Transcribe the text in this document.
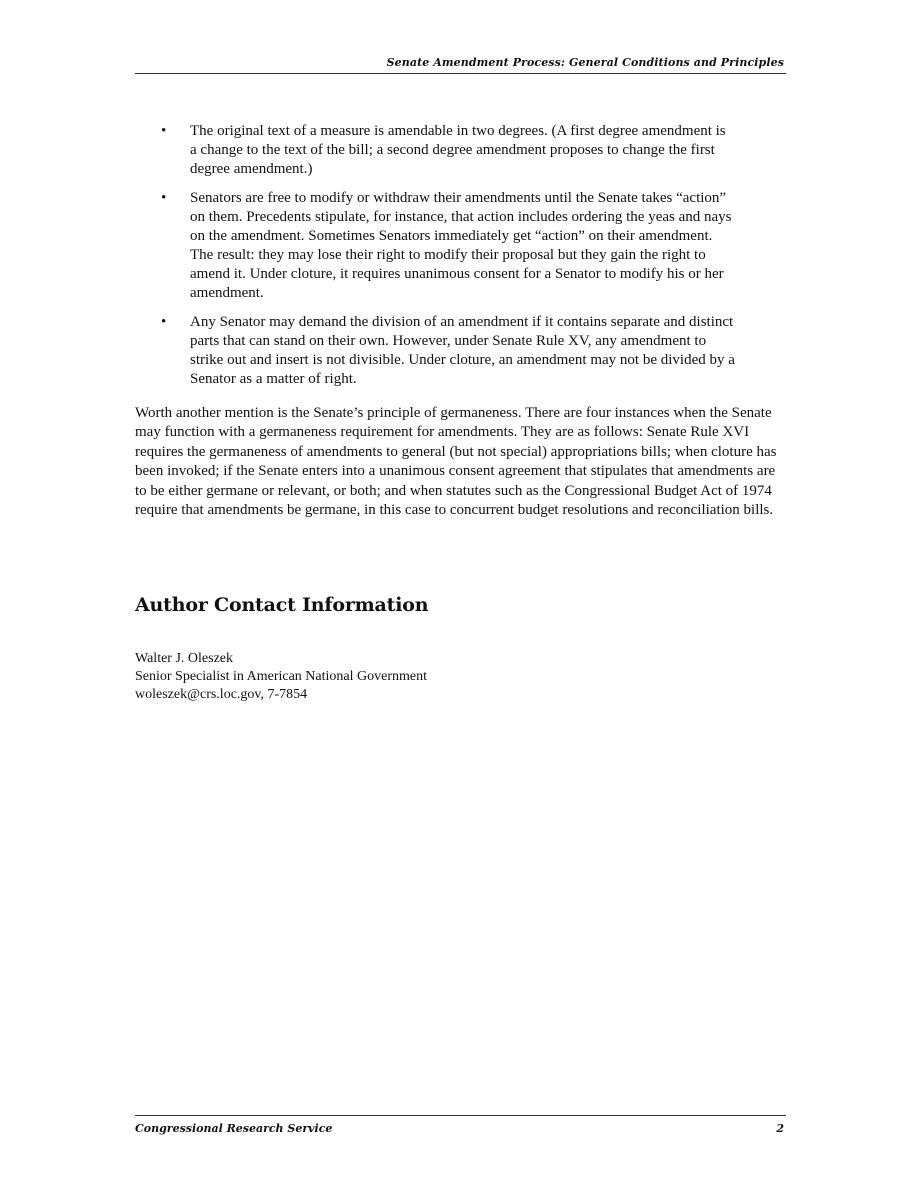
Senate Amendment Process: General Conditions and Principles
• The original text of a measure is amendable in two degrees. (A first degree amendment is a change to the text of the bill; a second degree amendment proposes to change the first degree amendment.)
• Senators are free to modify or withdraw their amendments until the Senate takes “action” on them. Precedents stipulate, for instance, that action includes ordering the yeas and nays on the amendment. Sometimes Senators immediately get “action” on their amendment. The result: they may lose their right to modify their proposal but they gain the right to amend it. Under cloture, it requires unanimous consent for a Senator to modify his or her amendment.
• Any Senator may demand the division of an amendment if it contains separate and distinct parts that can stand on their own. However, under Senate Rule XV, any amendment to strike out and insert is not divisible. Under cloture, an amendment may not be divided by a Senator as a matter of right.

Worth another mention is the Senate’s principle of germaneness. There are four instances when the Senate may function with a germaneness requirement for amendments. They are as follows: Senate Rule XVI requires the germaneness of amendments to general (but not special) appropriations bills; when cloture has been invoked; if the Senate enters into a unanimous consent agreement that stipulates that amendments are to be either germane or relevant, or both; and when statutes such as the Congressional Budget Act of 1974 require that amendments be germane, in this case to concurrent budget resolutions and reconciliation bills.

Author Contact Information
Walter J. Oleszek
Senior Specialist in American National Government
woleszek@crs.loc.gov, 7-7854
Congressional Research Service	2
